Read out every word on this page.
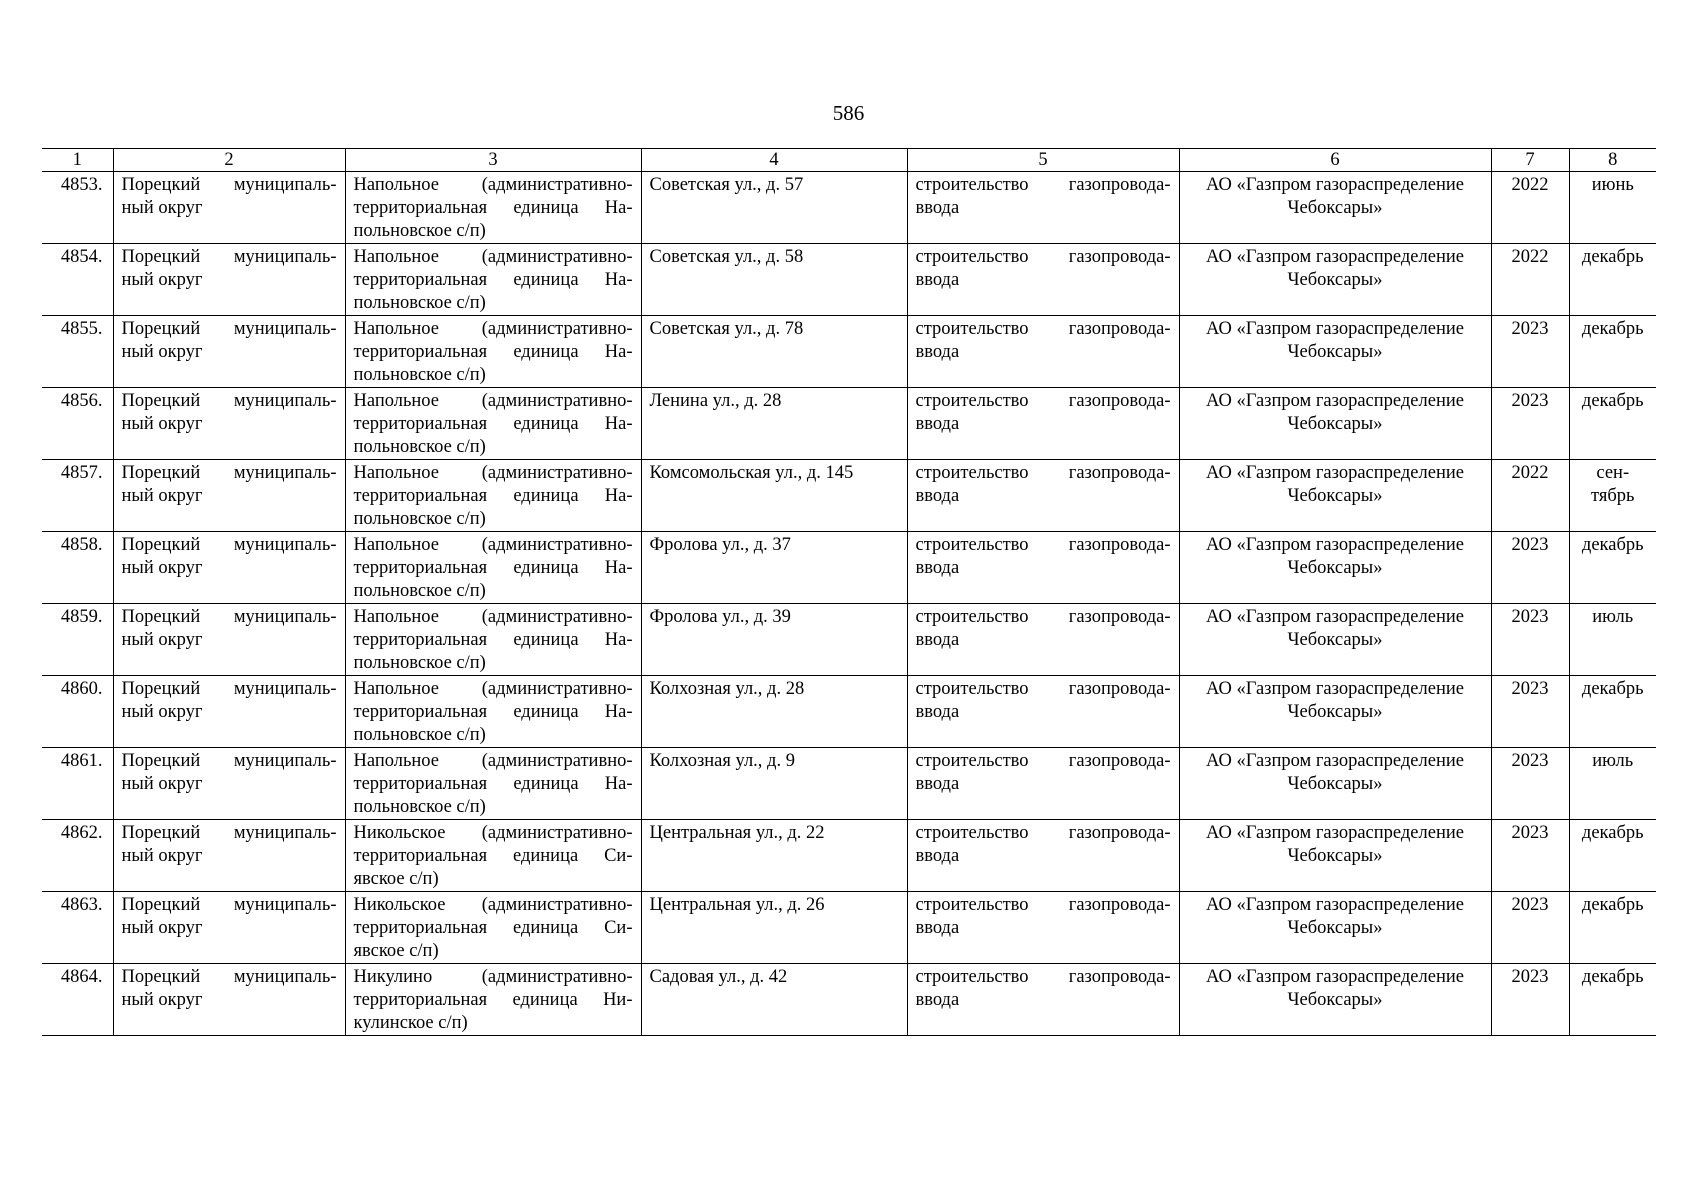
586
1	2	3	4	5	6	7	8
4853.	Порецкий муниципаль-ный округ	Напольное (административно-территориальная единица На-польновское с/п)	Советская ул., д. 57	строительство газопровода-ввода	АО «Газпром газораспределение Чебоксары»	2022	июнь
4854.	Порецкий муниципаль-ный округ	Напольное (административно-территориальная единица На-польновское с/п)	Советская ул., д. 58	строительство газопровода-ввода	АО «Газпром газораспределение Чебоксары»	2022	декабрь
4855.	Порецкий муниципаль-ный округ	Напольное (административно-территориальная единица На-польновское с/п)	Советская ул., д. 78	строительство газопровода-ввода	АО «Газпром газораспределение Чебоксары»	2023	декабрь
4856.	Порецкий муниципаль-ный округ	Напольное (административно-территориальная единица На-польновское с/п)	Ленина ул., д. 28	строительство газопровода-ввода	АО «Газпром газораспределение Чебоксары»	2023	декабрь
4857.	Порецкий муниципаль-ный округ	Напольное (административно-территориальная единица На-польновское с/п)	Комсомольская ул., д. 145	строительство газопровода-ввода	АО «Газпром газораспределение Чебоксары»	2022	сен-тябрь
4858.	Порецкий муниципаль-ный округ	Напольное (административно-территориальная единица На-польновское с/п)	Фролова ул., д. 37	строительство газопровода-ввода	АО «Газпром газораспределение Чебоксары»	2023	декабрь
4859.	Порецкий муниципаль-ный округ	Напольное (административно-территориальная единица На-польновское с/п)	Фролова ул., д. 39	строительство газопровода-ввода	АО «Газпром газораспределение Чебоксары»	2023	июль
4860.	Порецкий муниципаль-ный округ	Напольное (административно-территориальная единица На-польновское с/п)	Колхозная ул., д. 28	строительство газопровода-ввода	АО «Газпром газораспределение Чебоксары»	2023	декабрь
4861.	Порецкий муниципаль-ный округ	Напольное (административно-территориальная единица На-польновское с/п)	Колхозная ул., д. 9	строительство газопровода-ввода	АО «Газпром газораспределение Чебоксары»	2023	июль
4862.	Порецкий муниципаль-ный округ	Никольское (административно-территориальная единица Си-явское с/п)	Центральная ул., д. 22	строительство газопровода-ввода	АО «Газпром газораспределение Чебоксары»	2023	декабрь
4863.	Порецкий муниципаль-ный округ	Никольское (административно-территориальная единица Си-явское с/п)	Центральная ул., д. 26	строительство газопровода-ввода	АО «Газпром газораспределение Чебоксары»	2023	декабрь
4864.	Порецкий муниципаль-ный округ	Никулино (административно-территориальная единица Ни-кулинское с/п)	Садовая ул., д. 42	строительство газопровода-ввода	АО «Газпром газораспределение Чебоксары»	2023	декабрь
